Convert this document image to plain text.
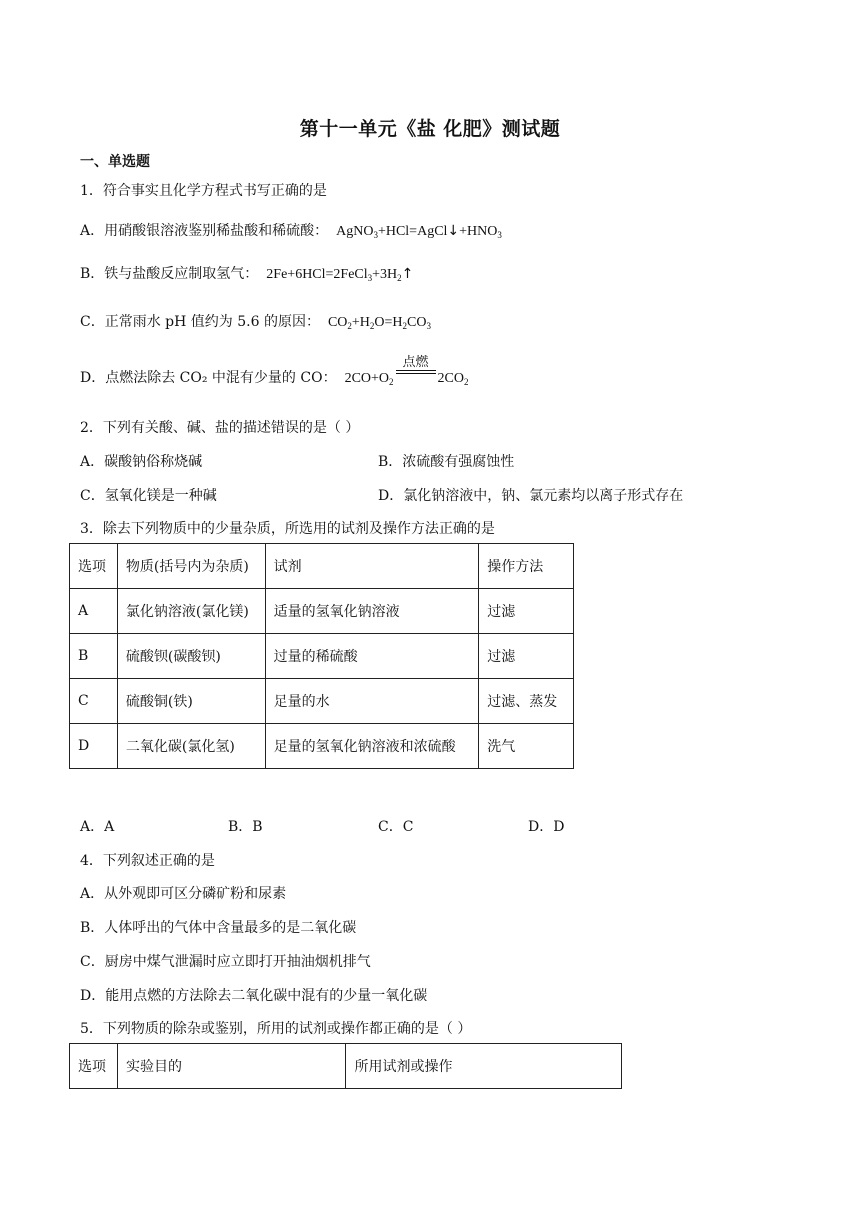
第十一单元《盐 化肥》测试题
一、单选题
1．符合事实且化学方程式书写正确的是
A．用硝酸银溶液鉴别稀盐酸和稀硫酸： $AgNO_3+HCl=AgCl↓+HNO_3$
B．铁与盐酸反应制取氢气： $2Fe+6HCl=2FeCl_3+3H_2↑$
C．正常雨水 pH 值约为 5.6 的原因： $CO_2+H_2O=H_2CO_3$
D．点燃法除去 CO₂ 中混有少量的 CO： $2CO+O_2$
点燃
$2CO_2$
2．下列有关酸、碱、盐的描述错误的是（ ）
A．碳酸钠俗称烧碱	B．浓硫酸有强腐蚀性
C．氢氧化镁是一种碱	D．氯化钠溶液中，钠、氯元素均以离子形式存在
3．除去下列物质中的少量杂质，所选用的试剂及操作方法正确的是
选项	物质(括号内为杂质)	试剂	操作方法
A	氯化钠溶液(氯化镁)	适量的氢氧化钠溶液	过滤
B	硫酸钡(碳酸钡)	过量的稀硫酸	过滤
C	硫酸铜(铁)	足量的水	过滤、蒸发
D	二氧化碳(氯化氢)	足量的氢氧化钠溶液和浓硫酸	洗气
A．A	B．B	C．C	D．D
4．下列叙述正确的是
A．从外观即可区分磷矿粉和尿素
B．人体呼出的气体中含量最多的是二氧化碳
C．厨房中煤气泄漏时应立即打开抽油烟机排气
D．能用点燃的方法除去二氧化碳中混有的少量一氧化碳
5．下列物质的除杂或鉴别，所用的试剂或操作都正确的是（ ）
选项	实验目的	所用试剂或操作
